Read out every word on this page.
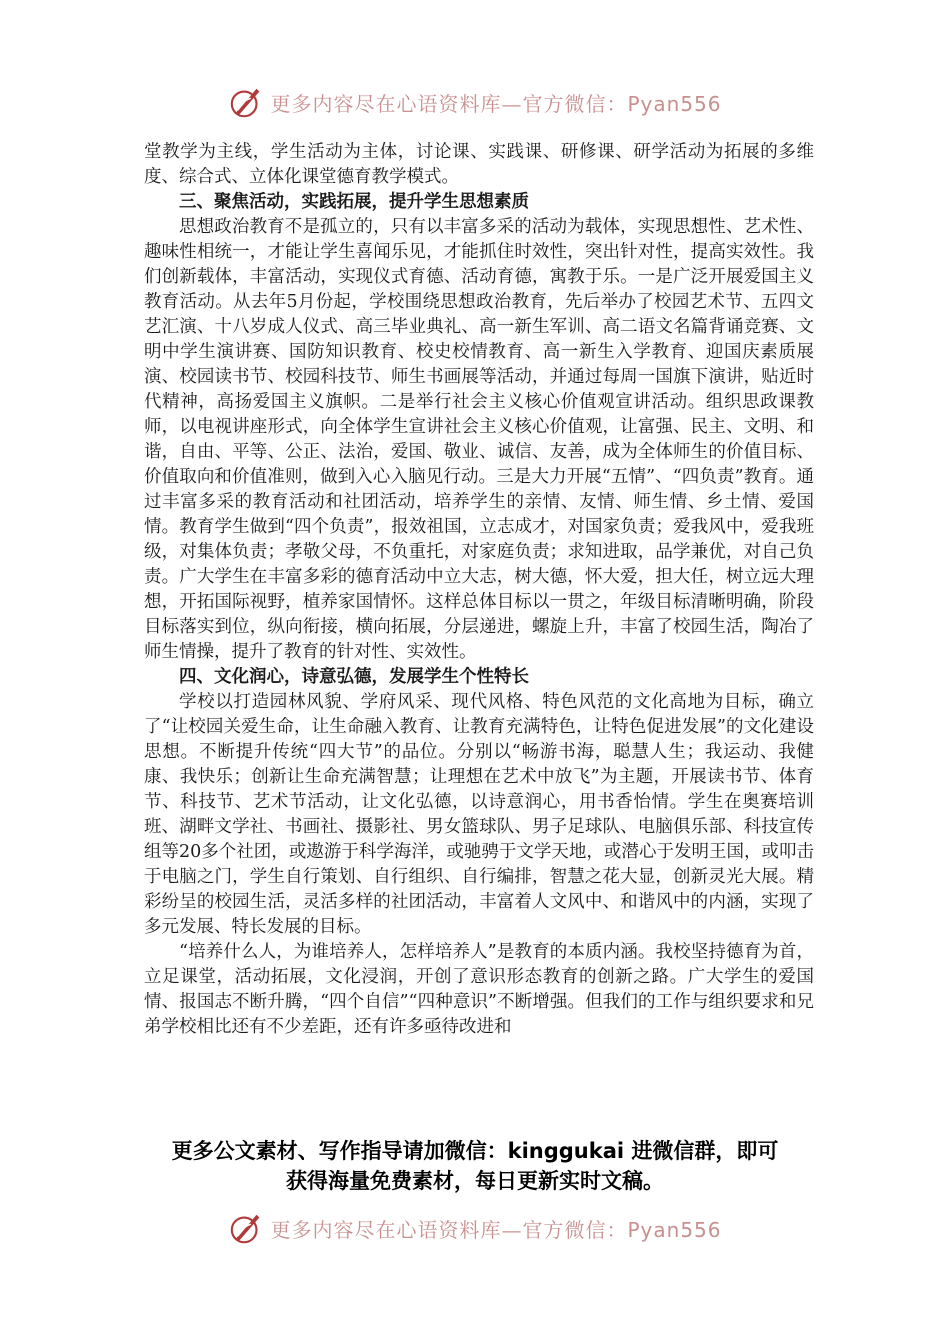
更多内容尽在心语资料库—官方微信：Pyan556

堂教学为主线，学生活动为主体，讨论课、实践课、研修课、研学活动为拓展的多维度、综合式、立体化课堂德育教学模式。

三、聚焦活动，实践拓展，提升学生思想素质

思想政治教育不是孤立的，只有以丰富多采的活动为载体，实现思想性、艺术性、趣味性相统一，才能让学生喜闻乐见，才能抓住时效性，突出针对性，提高实效性。我们创新载体，丰富活动，实现仪式育德、活动育德，寓教于乐。一是广泛开展爱国主义教育活动。从去年5月份起，学校围绕思想政治教育，先后举办了校园艺术节、五四文艺汇演、十八岁成人仪式、高三毕业典礼、高一新生军训、高二语文名篇背诵竞赛、文明中学生演讲赛、国防知识教育、校史校情教育、高一新生入学教育、迎国庆素质展演、校园读书节、校园科技节、师生书画展等活动，并通过每周一国旗下演讲，贴近时代精神，高扬爱国主义旗帜。二是举行社会主义核心价值观宣讲活动。组织思政课教师，以电视讲座形式，向全体学生宣讲社会主义核心价值观，让富强、民主、文明、和谐，自由、平等、公正、法治，爱国、敬业、诚信、友善，成为全体师生的价值目标、价值取向和价值准则，做到入心入脑见行动。三是大力开展“五情”、“四负责”教育。通过丰富多采的教育活动和社团活动，培养学生的亲情、友情、师生情、乡土情、爱国情。教育学生做到“四个负责”，报效祖国，立志成才，对国家负责；爱我风中，爱我班级，对集体负责；孝敬父母，不负重托，对家庭负责；求知进取，品学兼优，对自己负责。广大学生在丰富多彩的德育活动中立大志，树大德，怀大爱，担大任，树立远大理想，开拓国际视野，植养家国情怀。这样总体目标以一贯之，年级目标清晰明确，阶段目标落实到位，纵向衔接，横向拓展，分层递进，螺旋上升，丰富了校园生活，陶冶了师生情操，提升了教育的针对性、实效性。

四、文化润心，诗意弘德，发展学生个性特长

学校以打造园林风貌、学府风采、现代风格、特色风范的文化高地为目标，确立了“让校园关爱生命，让生命融入教育、让教育充满特色，让特色促进发展”的文化建设思想。不断提升传统“四大节”的品位。分别以“畅游书海，聪慧人生；我运动、我健康、我快乐；创新让生命充满智慧；让理想在艺术中放飞”为主题，开展读书节、体育节、科技节、艺术节活动，让文化弘德，以诗意润心，用书香怡情。学生在奥赛培训班、湖畔文学社、书画社、摄影社、男女篮球队、男子足球队、电脑俱乐部、科技宣传组等20多个社团，或遨游于科学海洋，或驰骋于文学天地，或潜心于发明王国，或叩击于电脑之门，学生自行策划、自行组织、自行编排，智慧之花大显，创新灵光大展。精彩纷呈的校园生活，灵活多样的社团活动，丰富着人文风中、和谐风中的内涵，实现了多元发展、特长发展的目标。

“培养什么人，为谁培养人，怎样培养人”是教育的本质内涵。我校坚持德育为首，立足课堂，活动拓展，文化浸润，开创了意识形态教育的创新之路。广大学生的爱国情、报国志不断升腾，“四个自信”“四种意识”不断增强。但我们的工作与组织要求和兄弟学校相比还有不少差距，还有许多亟待改进和

更多公文素材、写作指导请加微信：kinggukai 进微信群，即可
获得海量免费素材，每日更新实时文稿。
更多内容尽在心语资料库—官方微信：Pyan556
